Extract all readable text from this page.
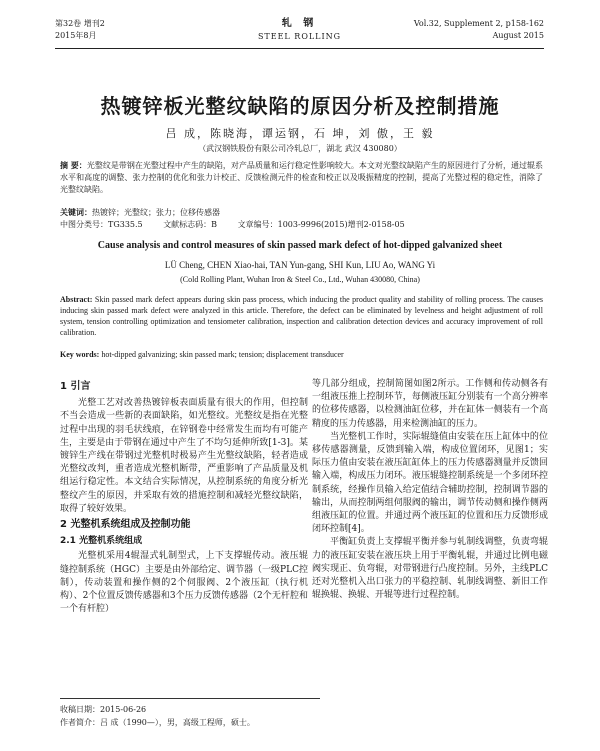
第32卷 增刊2
2015年8月
轧 钢
STEEL ROLLING
Vol.32, Supplement 2, p158-162
August 2015
热镀锌板光整纹缺陷的原因分析及控制措施
吕 成，陈晓海，谭运钢，石 坤，刘 傲，王 毅
（武汉钢铁股份有限公司冷轧总厂，湖北 武汉 430080）
摘 要：光整纹是带钢在光整过程中产生的缺陷，对产品质量和运行稳定性影响较大。本文对光整纹缺陷产生的原因进行了分析，通过辊系水平和高度的调整、张力控制的优化和张力计校正、反馈检测元件的检查和校正以及吸振精度的控制，提高了光整过程的稳定性，消除了光整纹缺陷。
关键词：热镀锌；光整纹；张力；位移传感器
中图分类号：TG335.5	文献标志码：B	文章编号：1003-9996(2015)增刊2-0158-05
Cause analysis and control measures of skin passed mark defect of hot-dipped galvanized sheet
LÜ Cheng, CHEN Xiao-hai, TAN Yun-gang, SHI Kun, LIU Ao, WANG Yi
(Cold Rolling Plant, Wuhan Iron & Steel Co., Ltd., Wuhan 430080, China)
Abstract: Skin passed mark defect appears during skin pass process, which inducing the product quality and stability of rolling process. The causes inducing skin passed mark defect were analyzed in this article. Therefore, the defect can be eliminated by levelness and height adjustment of roll system, tension controlling optimization and tensiometer calibration, inspection and calibration detection devices and accuracy improvement of roll calibration.
Key words: hot-dipped galvanizing; skin passed mark; tension; displacement transducer
1 引言

光整工艺对改善热镀锌板表面质量有很大的作用，但控制不当会造成一些新的表面缺陷，如光整纹。光整纹是指在光整过程中出现的羽毛状线痕，在锌钢卷中经常发生而均有可能产生，主要是由于带钢在通过中产生了不均匀延伸所致[1-3]。某镀锌生产线在带钢过光整机时极易产生光整纹缺陷，轻者造成光整纹改判，重者造成光整机断带，严重影响了产品质量及机组运行稳定性。本文结合实际情况，从控制系统的角度分析光整纹产生的原因，并采取有效的措施控制和减轻光整纹缺陷，取得了较好效果。

2 光整机系统组成及控制功能
2.1 光整机系统组成

光整机采用4辊湿式轧制型式，上下支撑辊传动。液压辊缝控制系统（HGC）主要是由外部给定、调节器（一级PLC控制），传动装置和操作侧的2个伺服阀、2个液压缸（执行机构）、2个位置反馈传感器和3个压力反馈传感器（2个无杆腔和一个有杆腔）

等几部分组成，控制简图如图2所示。工作侧和传动侧各有一组液压推上控制环节，每侧液压缸分别装有一个高分辨率的位移传感器，以检测油缸位移，并在缸体一侧装有一个高精度的压力传感器，用来检测油缸的压力。

当光整机工作时，实际辊缝值由安装在压上缸体中的位移传感器测量，反馈到输入端，构成位置闭环，见图1；实际压力值由安装在液压缸缸体上的压力传感器测量并反馈回输入端，构成压力闭环。液压辊缝控制系统是一个多闭环控制系统，经操作员输入给定值结合辅助控制，控制调节器的输出，从而控制两组伺服阀的输出，调节传动侧和操作侧两组液压缸的位置。并通过两个液压缸的位置和压力反馈形成闭环控制[4]。

平衡缸负责上支撑辊平衡并参与轧制线调整，负责弯辊力的液压缸安装在液压块上用于平衡轧辊，并通过比例电磁阀实现正、负弯辊，对带钢进行凸度控制。另外，主线PLC还对光整机入出口张力的平稳控制、轧制线调整、新旧工作辊换辊、换辊、开辊等进行过程控制。

收稿日期：2015-06-26
作者简介：吕 成（1990—），男，高级工程师，硕士。
